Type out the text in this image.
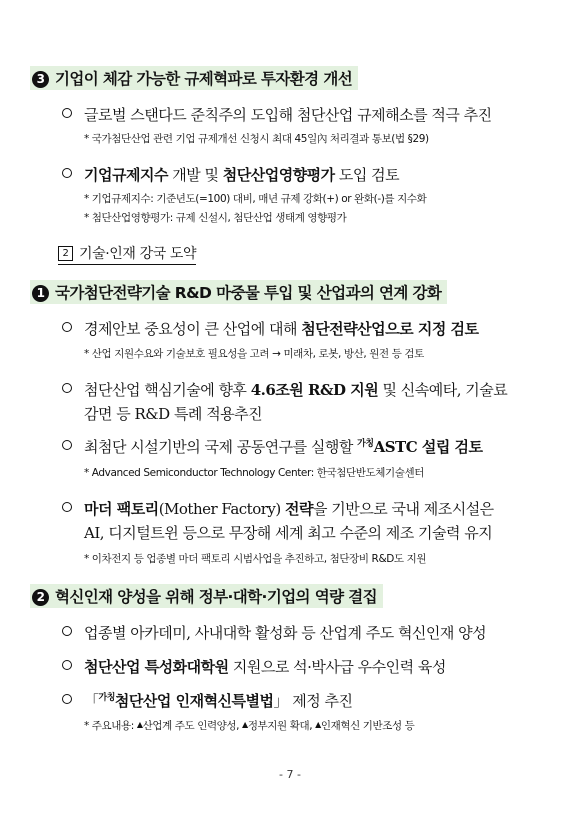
3 기업이 체감 가능한 규제혁파로 투자환경 개선
글로벌 스탠다드 준칙주의 도입해 첨단산업 규제해소를 적극 추진
* 국가첨단산업 관련 기업 규제개선 신청시 최대 45일內 처리결과 통보(법 §29)
기업규제지수 개발 및 첨단산업영향평가 도입 검토
* 기업규제지수: 기준년도(=100) 대비, 매년 규제 강화(+) or 완화(-)를 지수화
* 첨단산업영향평가: 규제 신설시, 첨단산업 생태계 영향평가
2 기술·인재 강국 도약
1 국가첨단전략기술 R&D 마중물 투입 및 산업과의 연계 강화
경제안보 중요성이 큰 산업에 대해 첨단전략산업으로 지정 검토
* 산업 지원수요와 기술보호 필요성을 고려 → 미래차, 로봇, 방산, 원전 등 검토
첨단산업 핵심기술에 향후 4.6조원 R&D 지원 및 신속예타, 기술료
감면 등 R&D 특례 적용추진
최첨단 시설기반의 국제 공동연구를 실행할 $^{가칭}$ASTC 설립 검토
* Advanced Semiconductor Technology Center: 한국첨단반도체기술센터
마더 팩토리(Mother Factory) 전략을 기반으로 국내 제조시설은
AI, 디지털트윈 등으로 무장해 세계 최고 수준의 제조 기술력 유지
* 이차전지 등 업종별 마더 팩토리 시범사업을 추진하고, 첨단장비 R&D도 지원
2 혁신인재 양성을 위해 정부·대학·기업의 역량 결집
업종별 아카데미, 사내대학 활성화 등 산업계 주도 혁신인재 양성
첨단산업 특성화대학원 지원으로 석·박사급 우수인력 육성
「$^{가칭}$첨단산업 인재혁신특별법」 제정 추진
* 주요내용: ▲산업계 주도 인력양성, ▲정부지원 확대, ▲인재혁신 기반조성 등
- 7 -
